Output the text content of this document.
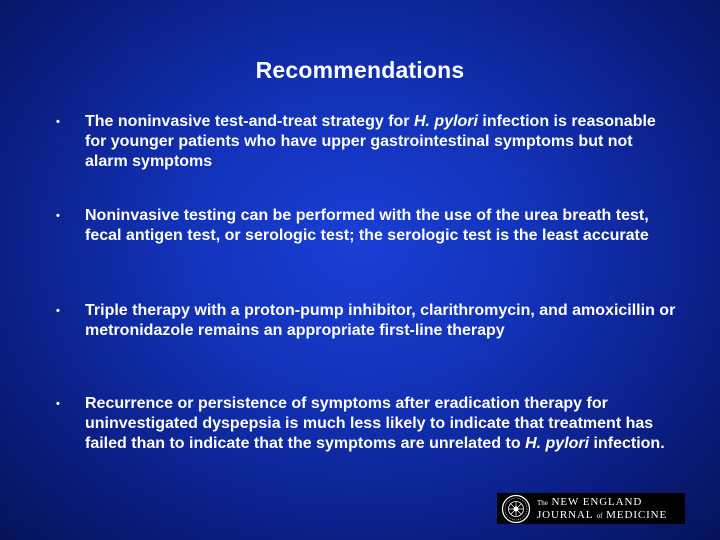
Recommendations
•	The noninvasive test-and-treat strategy for H. pylori infection is reasonable for younger patients who have upper gastrointestinal symptoms but not alarm symptoms
•	Noninvasive testing can be performed with the use of the urea breath test, fecal antigen test, or serologic test; the serologic test is the least accurate
•	Triple therapy with a proton-pump inhibitor, clarithromycin, and amoxicillin or metronidazole remains an appropriate first-line therapy
•	Recurrence or persistence of symptoms after eradication therapy for uninvestigated dyspepsia is much less likely to indicate that treatment has failed than to indicate that the symptoms are unrelated to H. pylori infection.
The NEW ENGLAND
JOURNAL of MEDICINE
